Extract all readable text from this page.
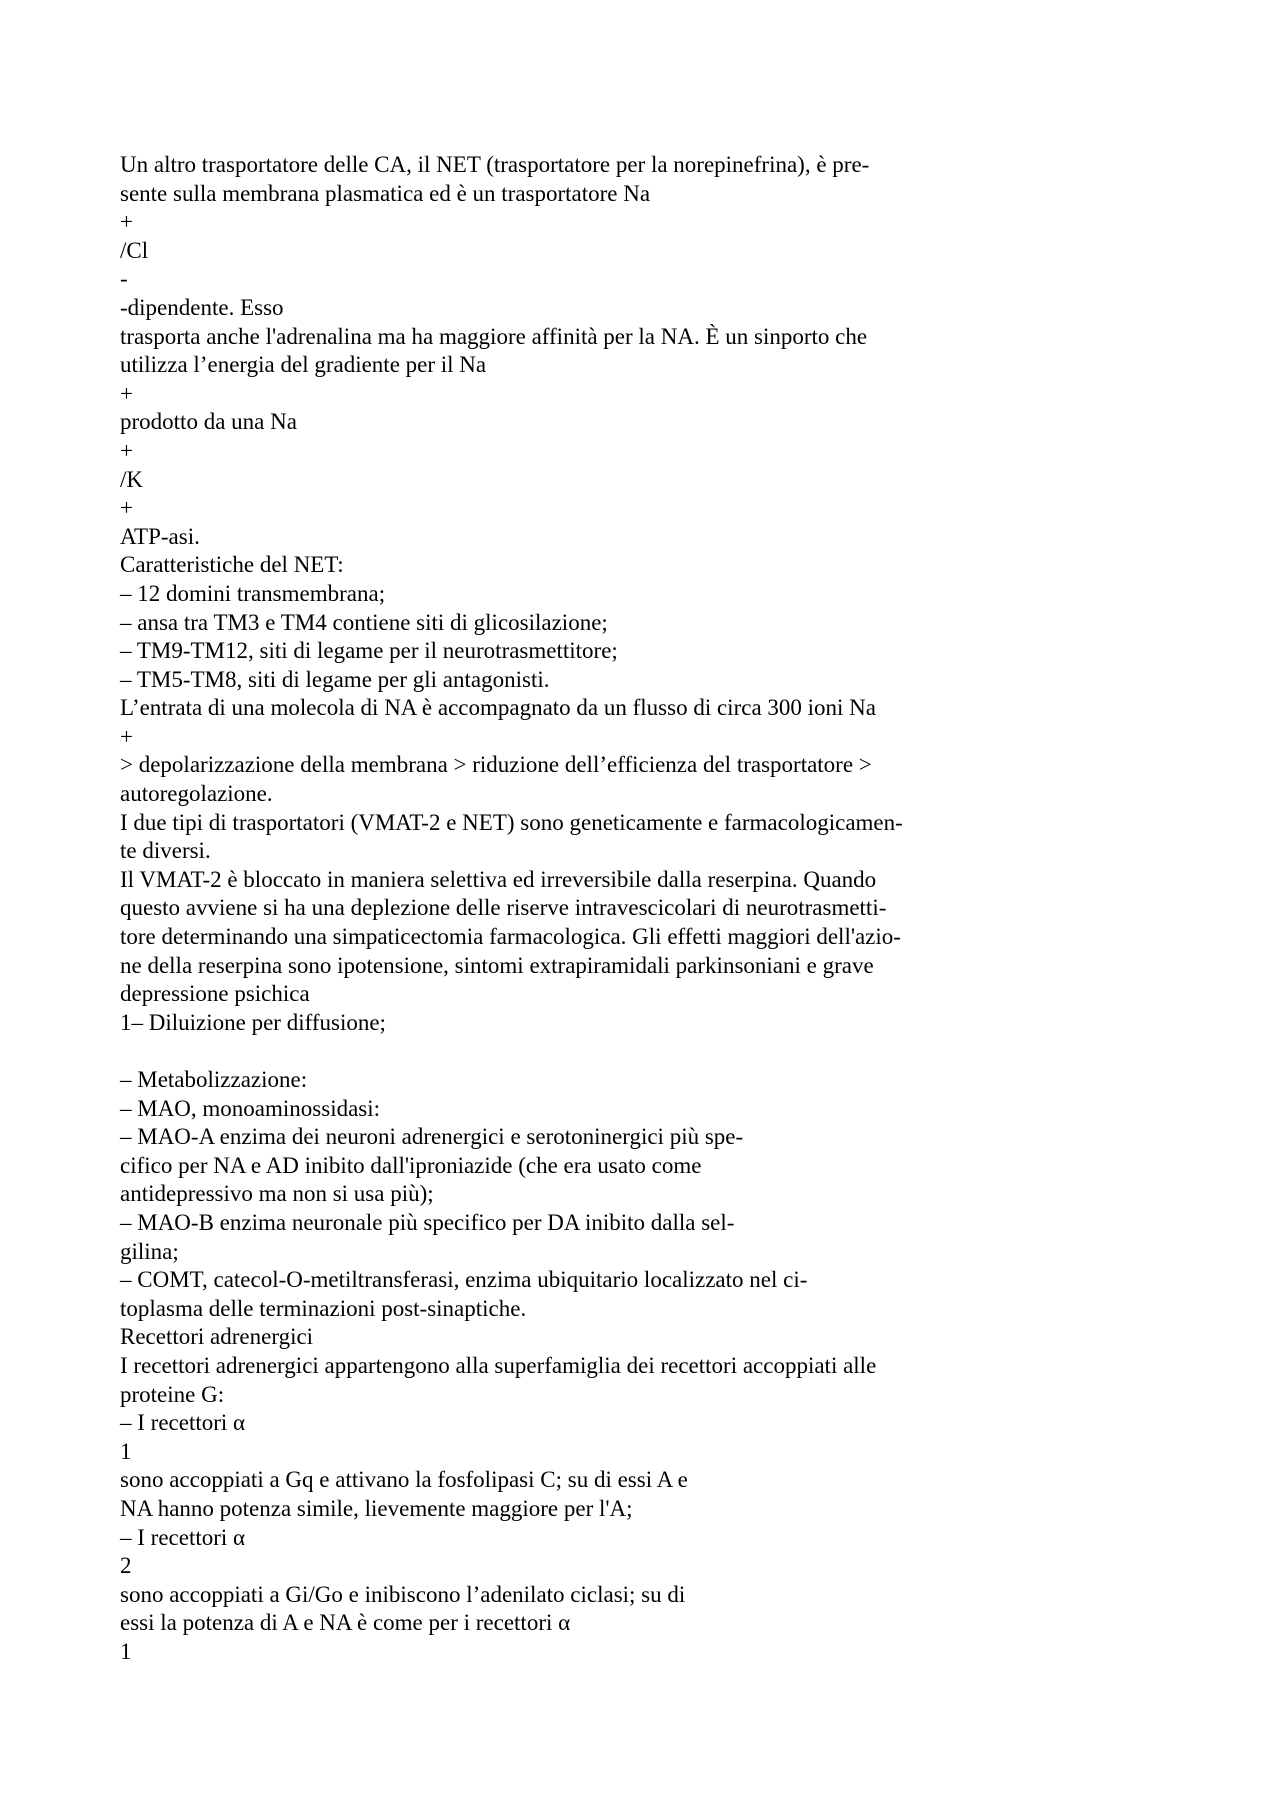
Un altro trasportatore delle CA, il NET (trasportatore per la norepinefrina), è pre-
sente sulla membrana plasmatica ed è un trasportatore Na
+
/Cl
-
-dipendente. Esso
trasporta anche l'adrenalina ma ha maggiore affinità per la NA. È un sinporto che
utilizza l’energia del gradiente per il Na
+
prodotto da una Na
+
/K
+
ATP-asi.
Caratteristiche del NET:
– 12 domini transmembrana;
– ansa tra TM3 e TM4 contiene siti di glicosilazione;
– TM9-TM12, siti di legame per il neurotrasmettitore;
– TM5-TM8, siti di legame per gli antagonisti.
L’entrata di una molecola di NA è accompagnato da un flusso di circa 300 ioni Na
+
> depolarizzazione della membrana > riduzione dell’efficienza del trasportatore >
autoregolazione.
I due tipi di trasportatori (VMAT-2 e NET) sono geneticamente e farmacologicamen-
te diversi.
Il VMAT-2 è bloccato in maniera selettiva ed irreversibile dalla reserpina. Quando
questo avviene si ha una deplezione delle riserve intravescicolari di neurotrasmetti-
tore determinando una simpaticectomia farmacologica. Gli effetti maggiori dell'azio-
ne della reserpina sono ipotensione, sintomi extrapiramidali parkinsoniani e grave
depressione psichica
1– Diluizione per diffusione;
– Metabolizzazione:
– MAO, monoaminossidasi:
– MAO-A enzima dei neuroni adrenergici e serotoninergici più spe-
cifico per NA e AD inibito dall'iproniazide (che era usato come
antidepressivo ma non si usa più);
– MAO-B enzima neuronale più specifico per DA inibito dalla sel-
gilina;
– COMT, catecol-O-metiltransferasi, enzima ubiquitario localizzato nel ci-
toplasma delle terminazioni post-sinaptiche.
Recettori adrenergici
I recettori adrenergici appartengono alla superfamiglia dei recettori accoppiati alle
proteine G:
– I recettori α
1
sono accoppiati a Gq e attivano la fosfolipasi C; su di essi A e
NA hanno potenza simile, lievemente maggiore per l'A;
– I recettori α
2
sono accoppiati a Gi/Go e inibiscono l’adenilato ciclasi; su di
essi la potenza di A e NA è come per i recettori α
1
